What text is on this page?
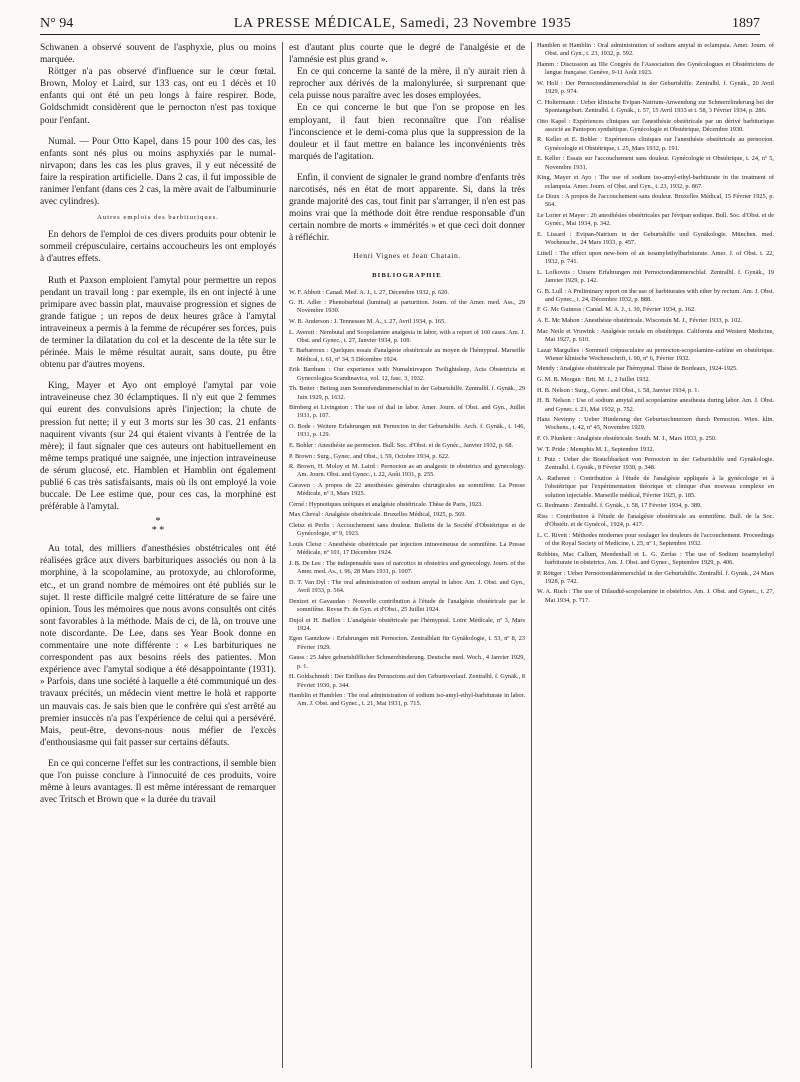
N° 94	LA PRESSE MÉDICALE, Samedi, 23 Novembre 1935	1897

Schwanen a observé souvent de l'asphyxie, plus ou moins marquée.

Röttger n'a pas observé d'influence sur le cœur fœtal. Brown, Moloy et Laird, sur 133 cas, ont eu 1 décès et 10 enfants qui ont été un peu longs à faire respirer. Bode, Goldschmidt considèrent que le pernocton n'est pas toxique pour l'enfant.

Numal. — Pour Otto Kapel, dans 15 pour 100 des cas, les enfants sont nés plus ou moins asphyxiés par le numal-nirvapon; dans les cas les plus graves, il y eut nécessité de faire la respiration artificielle. Dans 2 cas, il fut impossible de ranimer l'enfant (dans ces 2 cas, la mère avait de l'albuminurie avec cylindres).

Autres emplois des barbituriques.

En dehors de l'emploi de ces divers produits pour obtenir le sommeil crépusculaire, certains accoucheurs les ont employés à d'autres effets.

Ruth et Paxson emploient l'amytal pour permettre un repos pendant un travail long : par exemple, ils en ont injecté à une primipare avec bassin plat, mauvaise progression et signes de grande fatigue ; un repos de deux heures grâce à l'amytal intraveineux a permis à la femme de récupérer ses forces, puis de terminer la dilatation du col et la descente de la tête sur le périnée. Mais le même résultat aurait, sans doute, pu être obtenu par d'autres moyens.

King, Mayer et Ayo ont employé l'amytal par voie intraveineuse chez 30 éclamptiques. Il n'y eut que 2 femmes qui eurent des convulsions après l'injection; la chute de pression fut nette; il y eut 3 morts sur les 30 cas. 21 enfants naquirent vivants (sur 24 qui étaient vivants à l'entrée de la mère); il faut signaler que ces auteurs ont habituellement en même temps pratiqué une saignée, une injection intraveineuse de sérum glucosé, etc. Hamblen et Hamblin ont également publié 6 cas très satisfaisants, mais où ils ont employé la voie buccale. De Lee estime que, pour ces cas, la morphine est préférable à l'amytal.

*
* *

Au total, des milliers d'anesthésies obstétricales ont été réalisées grâce aux divers barbituriques associés ou non à la morphine, à la scopolamine, au protoxyde, au chloroforme, etc., et un grand nombre de mémoires ont été publiés sur le sujet. Il reste difficile malgré cette littérature de se faire une opinion. Tous les mémoires que nous avons consultés ont cités sont favorables à la méthode. Mais de ci, de là, on trouve une note discordante. De Lee, dans ses Year Book donne en commentaire une note différente : « Les barbituriques ne correspondent pas aux besoins réels des patientes. Mon expérience avec l'amytal sodique a été désappointante (1931). » Parfois, dans une société à laquelle a été communiqué un des travaux précités, un médecin vient mettre le holà et rapporte un mauvais cas. Je sais bien que le confrère qui s'est arrêté au premier insuccès n'a pas l'expérience de celui qui a persévéré. Mais, peut-être, devons-nous nous méfier de l'excès d'enthousiasme qui fait passer sur certains défauts.

En ce qui concerne l'effet sur les contractions, il semble bien que l'on puisse conclure à l'innocuité de ces produits, voire même à leurs avantages. Il est même intéressant de remarquer avec Tritsch et Brown que « la durée du travail

est d'autant plus courte que le degré de l'analgésie et de l'amnésie est plus grand ».

En ce qui concerne la santé de la mère, il n'y aurait rien à reprocher aux dérivés de la malonylurée, si surprenant que cela puisse nous paraître avec les doses employées.

En ce qui concerne le but que l'on se propose en les employant, il faut bien reconnaître que l'on réalise l'inconscience et le demi-coma plus que la suppression de la douleur et il faut mettre en balance les inconvénients très marqués de l'agitation.

Enfin, il convient de signaler le grand nombre d'enfants très narcotisés, nés en état de mort apparente. Si, dans la très grande majorité des cas, tout finit par s'arranger, il n'en est pas moins vrai que la méthode doit être rendue responsable d'un certain nombre de morts « immérités » et que ceci doit donner à réfléchir.

Henri Vignes et Jean Chatain.
BIBLIOGRAPHIE

W. F. Abbott : Canad. Med. A. J., t. 27, Décembre 1932, p. 620.

G. H. Adler : Phenobarbital (luminal) at parturition. Journ. of the Amer. med. Ass., 29 Novembre 1930.

W. B. Anderson : J. Tennessee M. A., t. 27, Avril 1934, p. 165.

L. Averett : Nembutal and Scopolamine analgesia in labor, with a report of 160 cases. Am. J. Obst. and Gynec., t. 27, Janvier 1934, p. 109.

T. Barbarroux : Quelques essais d'analgésie obstétricale au moyen de l'hémypnal. Marseille Médical, t. 61, nº 34, 5 Décembre 1924.

Erik Bardram : Our experience with Numalnirvapon Twilightsleep, Acta Obstetricia et Gynecologica Scandinavica, vol. 12, fasc. 3, 1932.

Th. Better : Beitrag zum Sonnufendämmerschlaf in der Geburtshilfe. Zentralbl. f. Gynäk., 29 Juin 1929, p. 1632.

Birnberg et Livingston : The use of dial in labor. Amer. Journ. of Obst. and Gyn., Juillet 1931, p. 107.

O. Bode : Weitere Erfahrungen mit Pernocton in der Geburtshilfe. Arch. f. Gynäk., t. 146, 1931, p. 129.

E. Bohler : Anesthésie au pernocton. Bull. Soc. d'Obst. et de Gynéc., Janvier 1932, p. 68.

P. Brown : Surg., Gynec. and Obst., t. 59, Octobre 1934, p. 622.

R. Brown, H. Moloy et M. Laird : Pernocton as an analgesic in obstetrics and gynecology. Am. Journ. Obst. and Gynec., t. 22, Août 1931, p. 255.

Caraven : A propos de 22 anesthésies générales chirurgicales au somnifène. La Presse Médicale, nº 3, Mars 1925.

Cerné : Hypnotiques uréiques et analgésie obstétricale. Thèse de Paris, 1923.

Max Cheval : Analgésie obstétricale. Bruxelles Médical, 1925, p. 569.

Cleisz et Perlis : Accouchement sans douleur. Bulletin de la Société d'Obstétrique et de Gynécologie, nº 9, 1923.

Louis Cleisz : Anesthésie obstétricale par injection intraveineuse de somnifène. La Presse Médicale, nº 101, 17 Décembre 1924.

J. B. De Lee : The indispensable uses of narcotics in obstetrics and gynecology. Journ. of the Amer. med. As., t. 96, 28 Mars 1931, p. 1007.

D. T. Van Dyl : The oral administration of sodium amytal in labor. Am. J. Obst. and Gyn., Avril 1933, p. 564.

Denizet et Gavaudan : Nouvelle contribution à l'étude de l'analgésie obstétricale par le somnifène. Revue Fr. de Gyn. et d'Obst., 25 Juillet 1924.

Dujol et H. Baillon : L'analgésie obstétricale par l'hémypnal. Loire Médicale, nº 3, Mars 1924.

Egon Gantzkow : Erfahrungen mit Pernocton. Zentralblatt für Gynäkologie, t. 53, nº 8, 23 Février 1929.

Gauss : 25 Jahre geburtshilflicher Schmerzbinderung. Deutsche med. Woch., 4 Janvier 1929, p. 1.

H. Goldschmidt : Der Einfluss des Pernoctons auf den Geburtsverlauf. Zentralbl. f. Gynäk., 8 Février 1930, p. 344.

Hamblin et Hamblen : The oral administration of sodium iso-amyl-ethyl-barbiturate in labor. Am. J. Obst. and Gynec., t. 21, Mai 1931, p. 715.

Hamblen et Hamblin : Oral administration of sodium amytal in eclampsia. Amer. Journ. of Obst. and Gyn., t. 23, 1932, p. 592.

Hamm : Discussion au IIIe Congrès de l'Association des Gynécologues et Obstétriciens de langue française. Genève, 9-11 Août 1923.

W. Holf : Der Pernoctondämmerschlaf in der Geburtshilfe. Zentralbl. f. Gynäk., 20 Avril 1929, p. 974.

C. Holtermann : Ueber klinische Evipan-Natrium-Anwendung zur Schmerzlinderung bei der Spontangeburt. Zentralbl. f. Gynäk., t. 57, 15 Avril 1933 et t. 58, 3 Février 1934, p. 286.

Otto Kapel : Expériences cliniques sur l'anesthésie obstétricale par un dérivé barbiturique associé au Pantopon synthétique. Gynécologie et Obstétrique, Décembre 1930.

R. Keller et E. Bohler : Expériences cliniques sur l'anesthésie obstétricale au pernocton. Gynécologie et Obstétrique, t. 25, Mars 1932, p. 191.

E. Keller : Essais sur l'accouchement sans douleur. Gynécologie et Obstétrique, t. 24, nº 5, Novembre 1931.

King, Mayer et Ayo : The use of sodium iso-amyl-ethyl-barbiturate in the treatment of eclampsia. Amer. Journ. of Obst. and Gyn., t. 23, 1932, p. 867.

Le Doux : A propos de l'accouchement sans douleur. Bruxelles Médical, 15 Février 1925, p. 564.

Le Lorier et Mayer : 26 anesthésies obstétricales par l'évipan sodique. Bull. Soc. d'Obst. et de Gynéc., Mai 1934, p. 342.

E. Lissard : Evipan-Natrium in der Geburtshilfe und Gynäkologie. München. med. Wochenschr., 24 Mars 1933, p. 457.

Littell : The effect upon new-born of an isoamylethylbarbiturate. Amer. J. of Obst. t. 22, 1932, p. 741.

L. Lofkovits : Unsere Erfahrungen mit Pernoctondämmerschlaf. Zentralbl. f. Gynäk., 19 Janvier 1929, p. 142.

G. B. Lull : A Preliminary report on the use of barbiturates with ether by rectum. Am. J. Obst. and Gynec., t. 24, Décembre 1932, p. 888.

F. G. Mc Guiness : Canad. M. A. J., t. 30, Février 1934, p. 162.

A. E. Mc Mahon : Anesthésie obstétricale. Wisconsin M. J., Février 1933, p. 102.

Mac Neile et Vruwink : Analgésie rectale en obstétrique. California and Western Medicine, Mai 1927, p. 610.

Lazar Margulies : Sommeil crépusculaire au pernocton-scopolamine-caféine en obstétrique. Wiener klinische Wochenschrift, t. 90, nº 6, Février 1932.

Mendy : Analgésie obstétricale par l'hémypnal. Thèse de Bordeaux, 1924-1925.

G. M. B. Morgan : Brit. M. J., 2 Juillet 1932.

H. B. Nelson : Surg., Gynec. and Obst., t. 58, Janvier 1934, p. 1.

H. B. Nelson : Use of sodium amytal and scopolamine anesthesia during labor. Am. J. Obst. and Gynec. t. 23, Mai 1932, p. 752.

Hans Nevinny : Ueber Hinderung der Geburtsschmerzen durch Pernocton. Wien. klin. Wochens., t. 42, nº 45, Novembre 1929.

F. O. Plunkett : Analgésie obstétricale. South. M. J., Mars 1933, p. 250.

W. T. Pride : Memphis M. J., Septembre 1932.

J. Putz : Ueber die Brauchbarkeit von Pernocton in der Geburtshilfe und Gynäkologie. Zentralbl. f. Gynäk., 8 Février 1930, p. 348.

A. Rathenot : Contribution à l'étude de l'analgésie appliquée à la gynécologie et à l'obstétrique par l'expérimentation théorique et clinique d'un nouveau complexe en solution injectable. Marseille médical, Février 1925, p. 185.

G. Redmann : Zentralbl. f. Gynäk., t. 58, 17 Février 1934, p. 389.

Riss : Contribution à l'étude de l'analgésie obstétricale au somnifène. Bull. de la Soc. d'Obstétr. et de Gynécol., 1924, p. 417.

L. C. Rivett : Méthodes modernes pour soulager les douleurs de l'accouchement. Proceedings of the Royal Society of Medicine, t. 25, nº 1, Septembre 1932.

Robbins, Mac Callum, Mendenhall et L. G. Zerfas : The use of Sodium isoamylethyl barbiturate in obstetrics. Am. J. Obst. and Gynec., Septembre 1929, p. 406.

P. Röttger : Ueber Pernoctondämmerschlaf in der Geburtshilfe. Zentralbl. f. Gynäk., 24 Mars 1928, p. 742.

W. A. Ruch : The use of Dilaudid-scopolamine in obstetrics. Am. J. Obst. and Gynec., t. 27, Mai 1934, p. 717.
